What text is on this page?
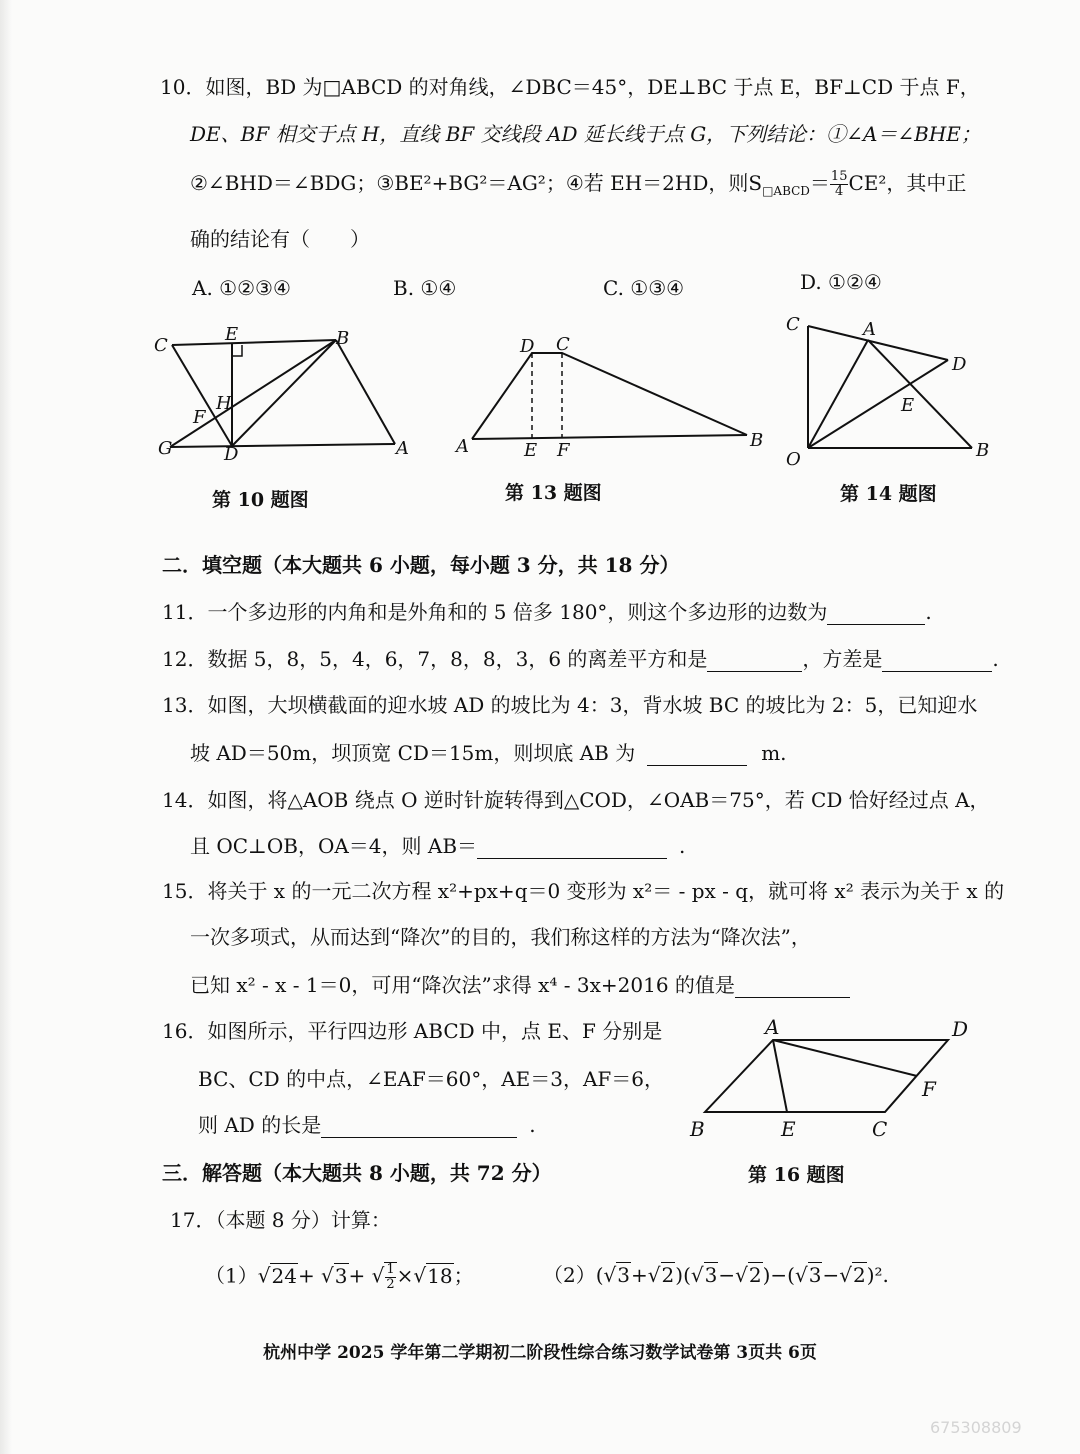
10．如图，BD 为□ABCD 的对角线，∠DBC＝45°，DE⊥BC 于点 E，BF⊥CD 于点 F，
DE、BF 相交于点 H，直线 BF 交线段 AD 延长线于点 G，下列结论：①∠A＝∠BHE；
②∠BHD＝∠BDG；③BE²+BG²＝AG²；④若 EH＝2HD，则$S_{□ABCD}= \frac{15}{4} CE^2$，其中正
确的结论有（　　）
A. ①②③④	B. ①④	C. ①③④	D. ①②④
C
E	B
H
F
G	D	A
第 10 题图
D C
A	E F	B
第 13 题图
C	A
D
E
O	B
第 14 题图
二．填空题（本大题共 6 小题，每小题 3 分，共 18 分）
11．一个多边形的内角和是外角和的 5 倍多 180°，则这个多边形的边数为	.
12．数据 5，8，5，4，6，7，8，8，3，6 的离差平方和是	，方差是	.
13．如图，大坝横截面的迎水坡 AD 的坡比为 4：3，背水坡 BC 的坡比为 2：5，已知迎水
坡 AD＝50m，坝顶宽 CD＝15m，则坝底 AB 为	m.
14．如图，将△AOB 绕点 O 逆时针旋转得到△COD，∠OAB＝75°，若 CD 恰好经过点 A，
且 OC⊥OB，OA＝4，则 AB＝	.
15．将关于 x 的一元二次方程 x²+px+q＝0 变形为 x²＝ - px - q，就可将 x² 表示为关于 x 的
一次多项式，从而达到“降次”的目的，我们称这样的方法为“降次法”，
已知 x² - x - 1＝0，可用“降次法”求得 x⁴ - 3x+2016 的值是
16．如图所示，平行四边形 ABCD 中，点 E、F 分别是
BC、CD 的中点，∠EAF＝60°，AE＝3，AF＝6，
则 AD 的长是	.
A	D
F
B	E	C
第 16 题图
三．解答题（本大题共 8 小题，共 72 分）
17．（本题 8 分）计算：
（1）√24+ √3+ √ $\frac{1}{2} \times√18$；	（2）(√3+√2)(√3−√2)−(√3−√2)².
杭州中学 2025 学年第二学期初二阶段性综合练习数学试卷第 3页共 6页
675308809
